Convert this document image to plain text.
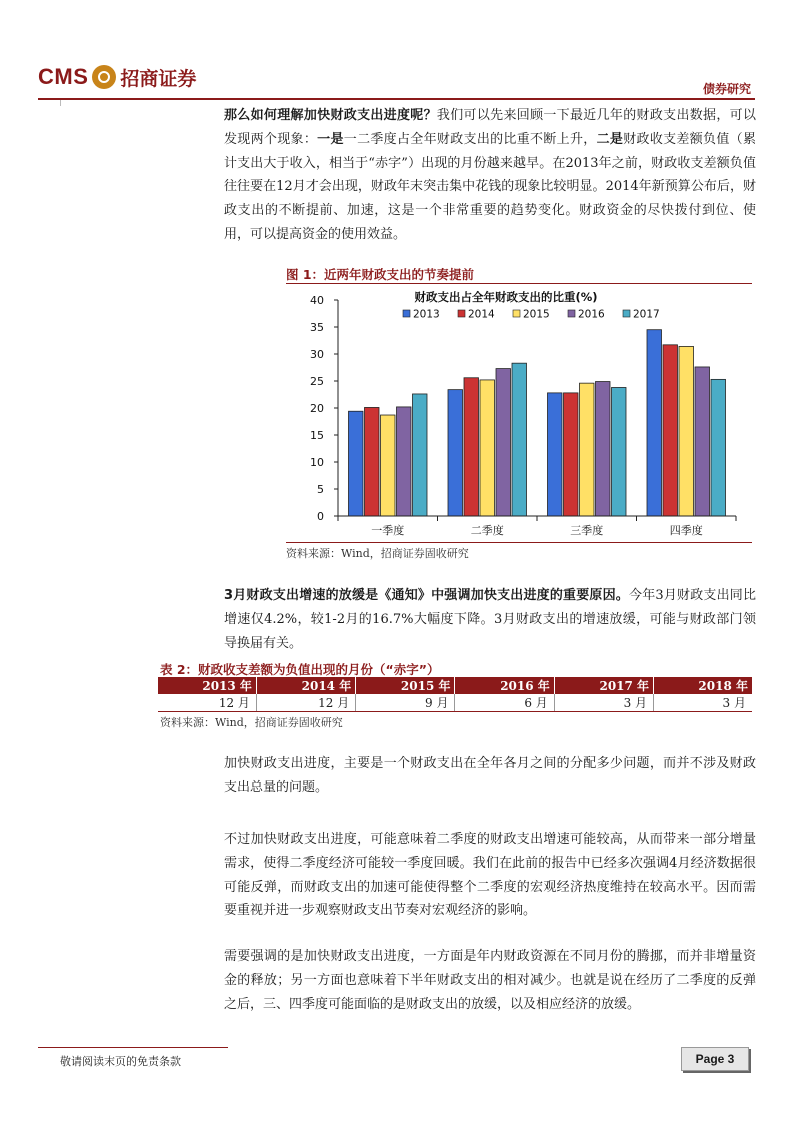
CMS 招商证券	债券研究

那么如何理解加快财政支出进度呢？我们可以先来回顾一下最近几年的财政支出数据，可以发现两个现象：一是一二季度占全年财政支出的比重不断上升，二是财政收支差额负值（累计支出大于收入，相当于“赤字”）出现的月份越来越早。在2013年之前，财政收支差额负值往往要在12月才会出现，财政年末突击集中花钱的现象比较明显。2014年新预算公布后，财政支出的不断提前、加速，这是一个非常重要的趋势变化。财政资金的尽快拨付到位、使用，可以提高资金的使用效益。

图 1：近两年财政支出的节奏提前
财政支出占全年财政支出的比重(%)
2013	2014	2015	2016	2017
0
5
10
15
20
25
30
35
40
一季度	二季度	三季度	四季度
资料来源：Wind，招商证券固收研究

3月财政支出增速的放缓是《通知》中强调加快支出进度的重要原因。今年3月财政支出同比增速仅4.2%，较1-2月的16.7%大幅度下降。3月财政支出的增速放缓，可能与财政部门领导换届有关。

表 2：财政收支差额为负值出现的月份（“赤字”）
2013 年	2014 年	2015 年	2016 年	2017 年	2018 年
12 月	12 月	9 月	6 月	3 月	3 月
资料来源：Wind，招商证券固收研究

加快财政支出进度，主要是一个财政支出在全年各月之间的分配多少问题，而并不涉及财政支出总量的问题。

不过加快财政支出进度，可能意味着二季度的财政支出增速可能较高，从而带来一部分增量需求，使得二季度经济可能较一季度回暖。我们在此前的报告中已经多次强调4月经济数据很可能反弹，而财政支出的加速可能使得整个二季度的宏观经济热度维持在较高水平。因而需要重视并进一步观察财政支出节奏对宏观经济的影响。

需要强调的是加快财政支出进度，一方面是年内财政资源在不同月份的腾挪，而并非增量资金的释放；另一方面也意味着下半年财政支出的相对减少。也就是说在经历了二季度的反弹之后，三、四季度可能面临的是财政支出的放缓，以及相应经济的放缓。

敬请阅读末页的免责条款	Page 3
